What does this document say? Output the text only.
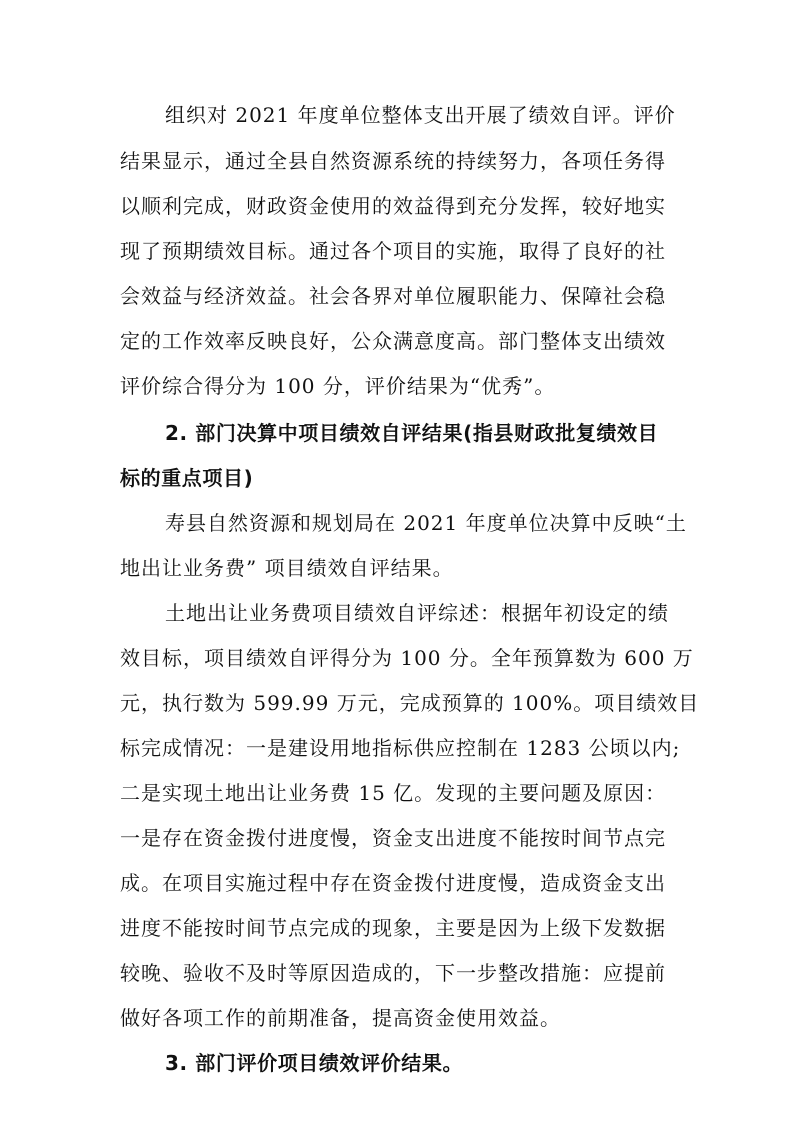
组织对 2021 年度单位整体支出开展了绩效自评。评价
结果显示，通过全县自然资源系统的持续努力，各项任务得
以顺利完成，财政资金使用的效益得到充分发挥，较好地实
现了预期绩效目标。通过各个项目的实施，取得了良好的社
会效益与经济效益。社会各界对单位履职能力、保障社会稳
定的工作效率反映良好，公众满意度高。部门整体支出绩效
评价综合得分为 100 分，评价结果为“优秀”。
2. 部门决算中项目绩效自评结果(指县财政批复绩效目
标的重点项目)
寿县自然资源和规划局在 2021 年度单位决算中反映“土
地出让业务费” 项目绩效自评结果。
土地出让业务费项目绩效自评综述：根据年初设定的绩
效目标，项目绩效自评得分为 100 分。全年预算数为 600 万
元，执行数为 599.99 万元，完成预算的 100%。项目绩效目
标完成情况：一是建设用地指标供应控制在 1283 公顷以内;
二是实现土地出让业务费 15 亿。发现的主要问题及原因：
一是存在资金拨付进度慢，资金支出进度不能按时间节点完
成。在项目实施过程中存在资金拨付进度慢，造成资金支出
进度不能按时间节点完成的现象，主要是因为上级下发数据
较晚、验收不及时等原因造成的，下一步整改措施：应提前
做好各项工作的前期准备，提高资金使用效益。
3. 部门评价项目绩效评价结果。
